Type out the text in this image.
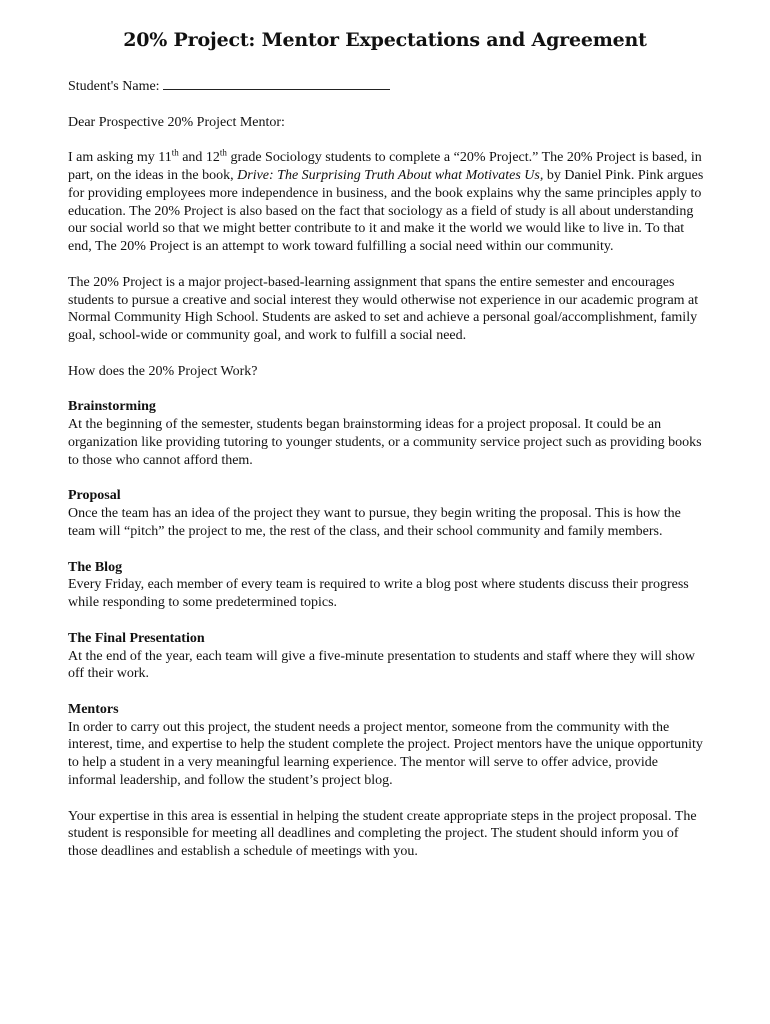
20% Project: Mentor Expectations and Agreement

Student's Name:

Dear Prospective 20% Project Mentor:

I am asking my 11th and 12th grade Sociology students to complete a “20% Project.” The 20% Project is based, in part, on the ideas in the book, Drive: The Surprising Truth About what Motivates Us, by Daniel Pink. Pink argues for providing employees more independence in business, and the book explains why the same principles apply to education. The 20% Project is also based on the fact that sociology as a field of study is all about understanding our social world so that we might better contribute to it and make it the world we would like to live in. To that end, The 20% Project is an attempt to work toward fulfilling a social need within our community.

The 20% Project is a major project-based-learning assignment that spans the entire semester and encourages students to pursue a creative and social interest they would otherwise not experience in our academic program at Normal Community High School. Students are asked to set and achieve a personal goal/accomplishment, family goal, school-wide or community goal, and work to fulfill a social need.

How does the 20% Project Work?

Brainstorming

At the beginning of the semester, students began brainstorming ideas for a project proposal. It could be an organization like providing tutoring to younger students, or a community service project such as providing books to those who cannot afford them.

Proposal

Once the team has an idea of the project they want to pursue, they begin writing the proposal. This is how the team will “pitch” the project to me, the rest of the class, and their school community and family members.

The Blog

Every Friday, each member of every team is required to write a blog post where students discuss their progress while responding to some predetermined topics.

The Final Presentation

At the end of the year, each team will give a five-minute presentation to students and staff where they will show off their work.

Mentors

In order to carry out this project, the student needs a project mentor, someone from the community with the interest, time, and expertise to help the student complete the project. Project mentors have the unique opportunity to help a student in a very meaningful learning experience. The mentor will serve to offer advice, provide informal leadership, and follow the student’s project blog.

Your expertise in this area is essential in helping the student create appropriate steps in the project proposal. The student is responsible for meeting all deadlines and completing the project. The student should inform you of those deadlines and establish a schedule of meetings with you.
